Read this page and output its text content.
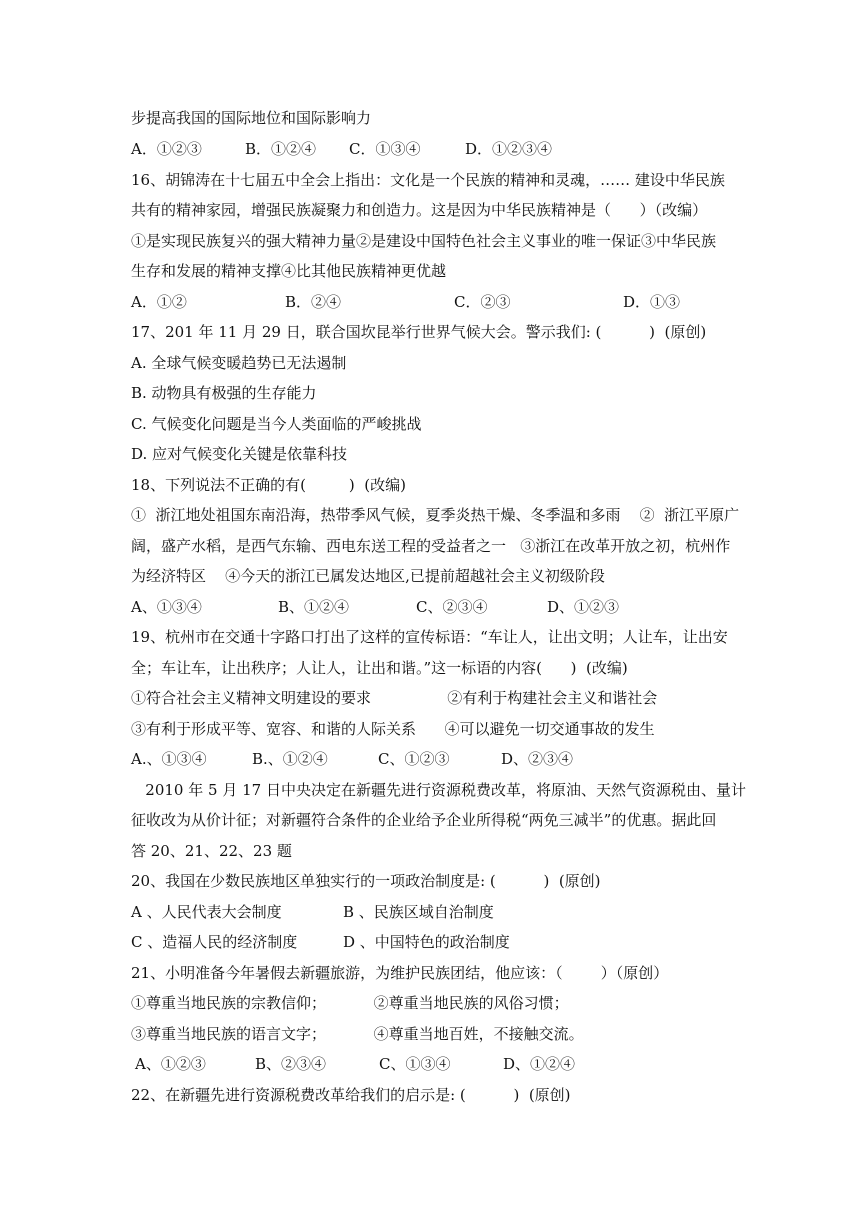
步提高我国的国际地位和国际影响力
A．①②③	B．①②④ C．①③④	D．①②③④
16、胡锦涛在十七届五中全会上指出：文化是一个民族的精神和灵魂，…… 建设中华民族
共有的精神家园，增强民族凝聚力和创造力。这是因为中华民族精神是（      ）（改编）
①是实现民族复兴的强大精神力量②是建设中国特色社会主义事业的唯一保证③中华民族
生存和发展的精神支撑④比其他民族精神更优越
A．①②	B．②④	C．②③	D．①③
17、201 年 11 月 29 日，联合国坎昆举行世界气候大会。警示我们: (          )  (原创)
A. 全球气候变暖趋势已无法遏制
B. 动物具有极强的生存能力
C. 气候变化问题是当今人类面临的严峻挑战
D. 应对气候变化关键是依靠科技
18、下列说法不正确的有(         )  (改编)
①  浙江地处祖国东南沿海，热带季风气候，夏季炎热干燥、冬季温和多雨    ②  浙江平原广
阔，盛产水稻，是西气东输、西电东送工程的受益者之一   ③浙江在改革开放之初，杭州作
为经济特区    ④今天的浙江已属发达地区,已提前超越社会主义初级阶段
A、①③④	B、①②④	C、②③④	D、①②③
19、杭州市在交通十字路口打出了这样的宣传标语：“车让人，让出文明；人让车，让出安
全；车让车，让出秩序；人让人，让出和谐。”这一标语的内容(      )  (改编)
①符合社会主义精神文明建设的要求                ②有利于构建社会主义和谐社会
③有利于形成平等、宽容、和谐的人际关系      ④可以避免一切交通事故的发生
A.、①③④	B.、①②④	C、①②③	D、②③④
2010 年 5 月 17 日中央决定在新疆先进行资源税费改革，将原油、天然气资源税由、量计
征收改为从价计征；对新疆符合条件的企业给予企业所得税“两免三减半”的优惠。据此回
答 20、21、22、23 题
20、我国在少数民族地区单独实行的一项政治制度是: (          )  (原创)
A 、人民代表大会制度	B 、民族区域自治制度
C 、造福人民的经济制度	D 、中国特色的政治制度
21、小明准备今年暑假去新疆旅游，为维护民族团结，他应该：（        ）（原创）
①尊重当地民族的宗教信仰；          ②尊重当地民族的风俗习惯；
③尊重当地民族的语言文字；          ④尊重当地百姓，不接触交流。
A、①②③	B、②③④	C、①③④	D、①②④
22、在新疆先进行资源税费改革给我们的启示是: (          )  (原创)
